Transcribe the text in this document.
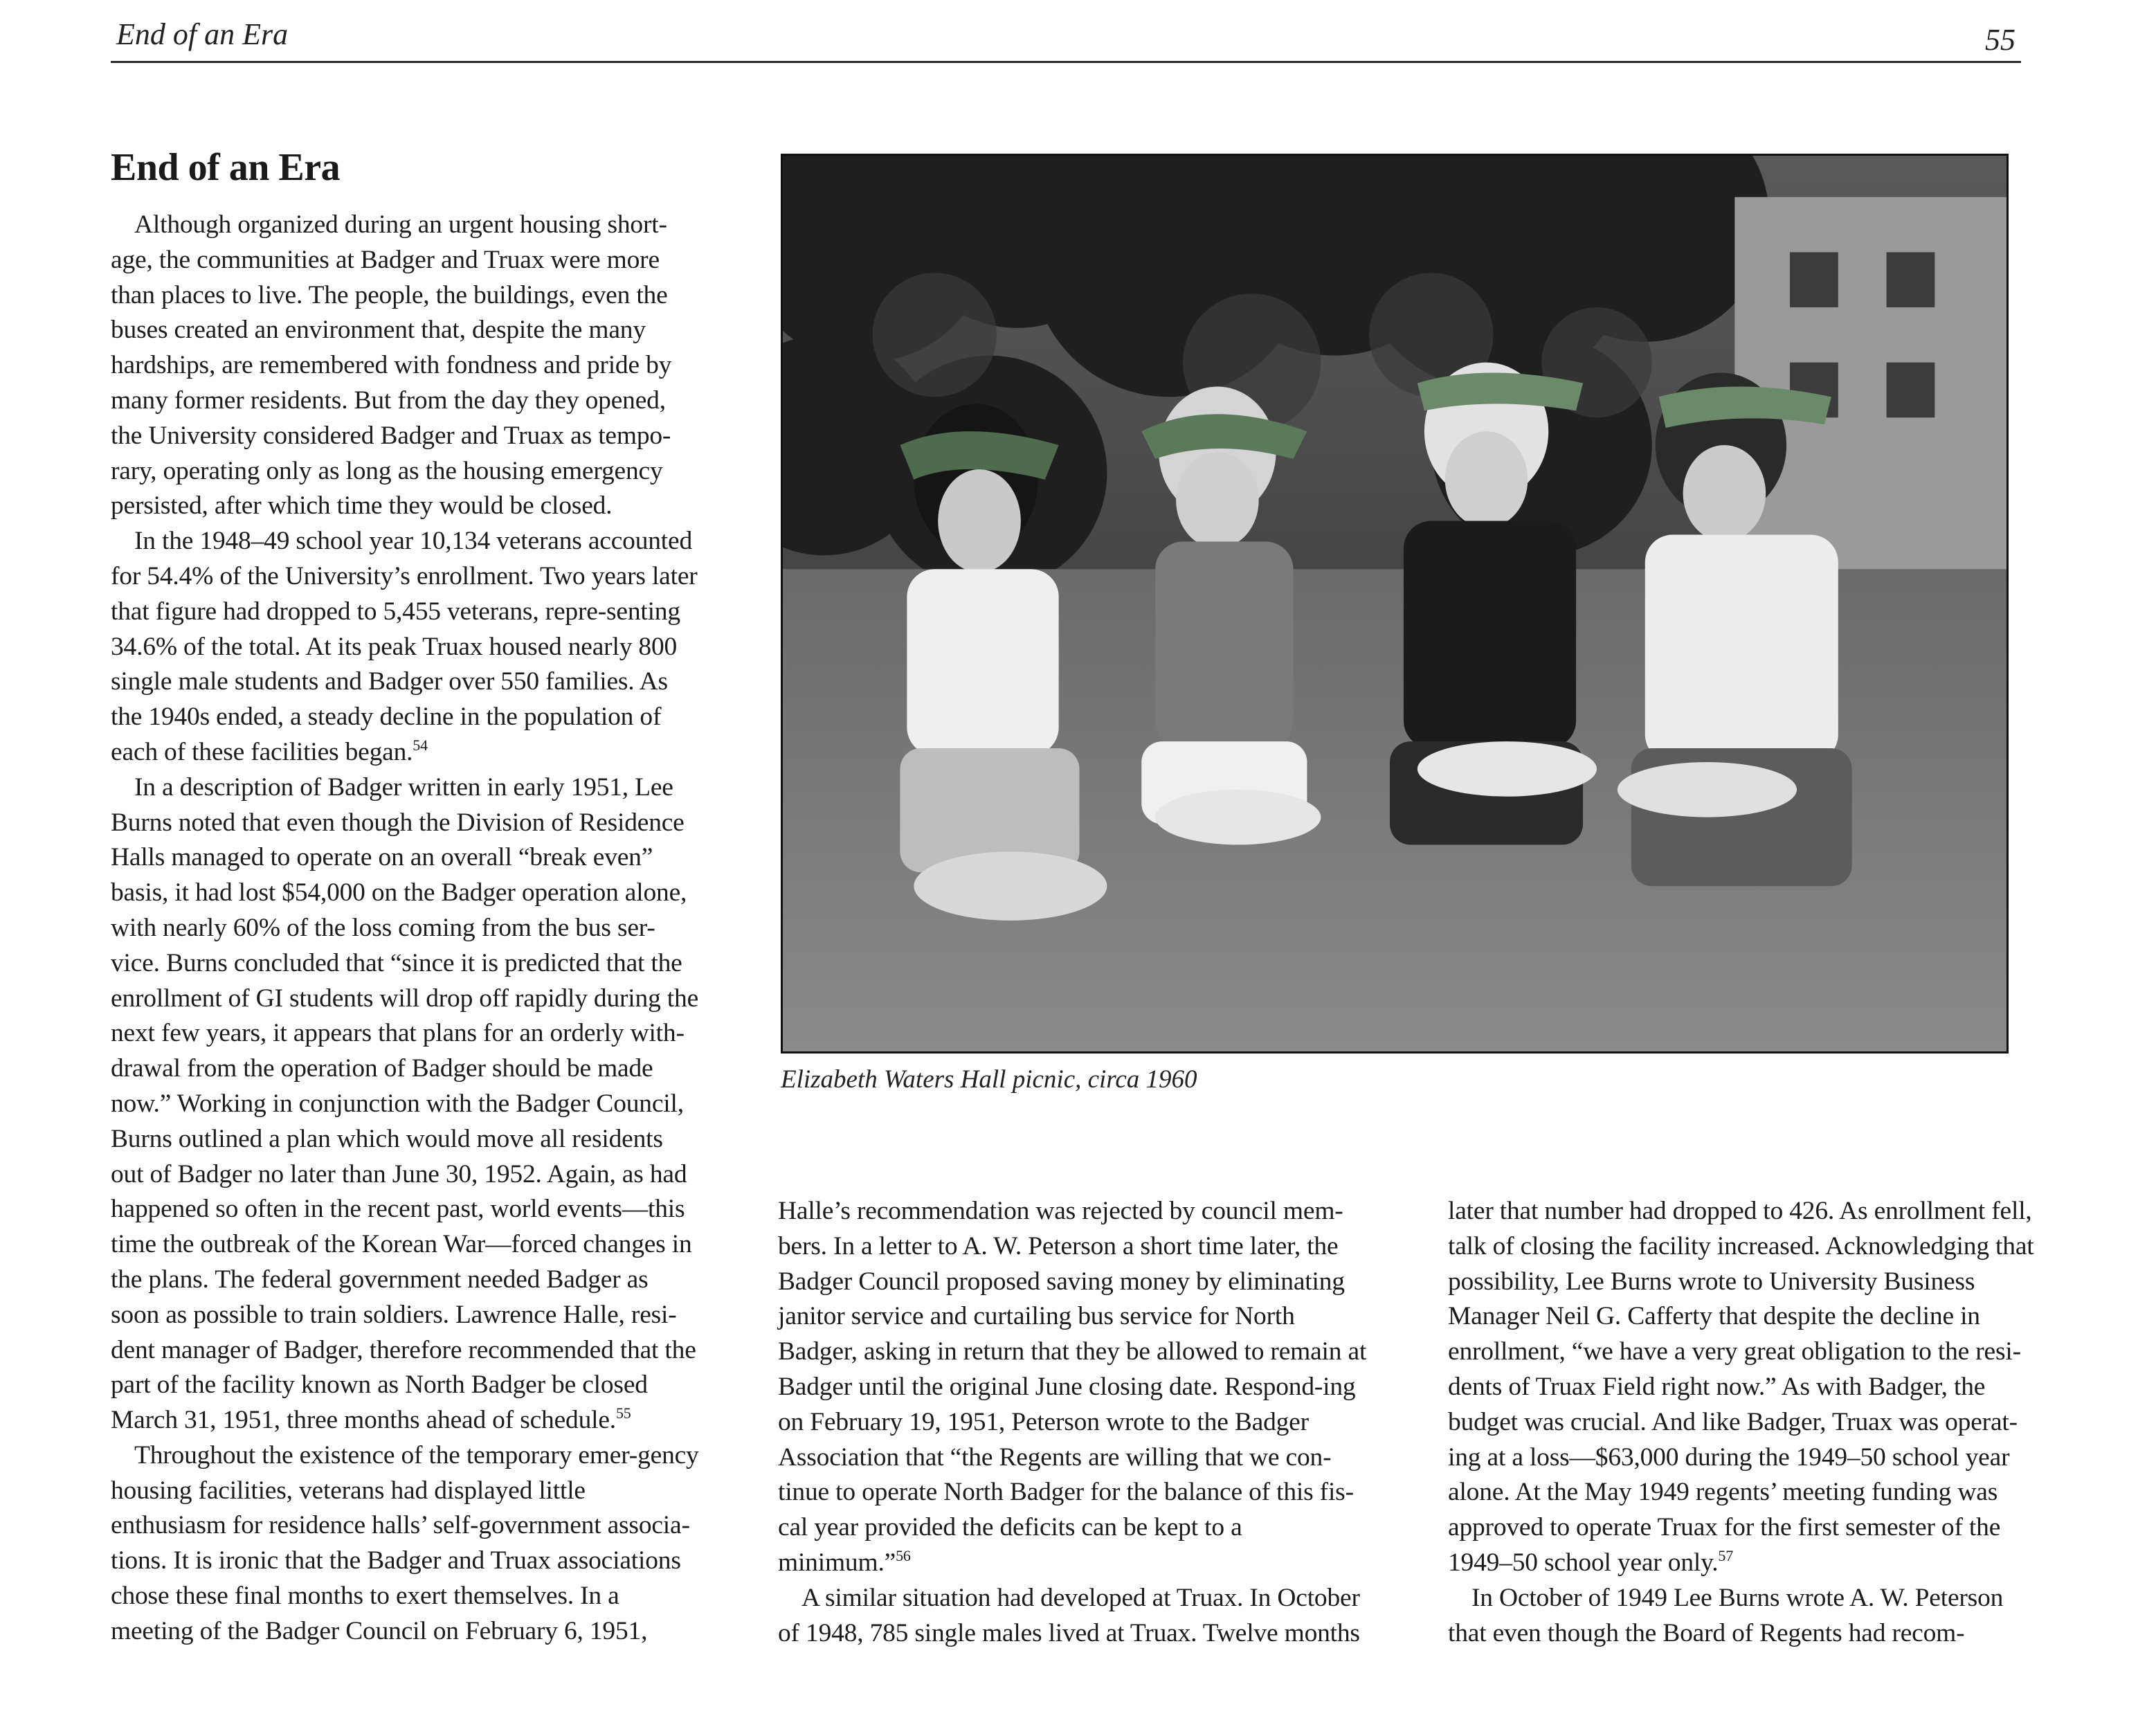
End of an Era	55
End of an Era

Although organized during an urgent housing short-age, the communities at Badger and Truax were more than places to live. The people, the buildings, even the buses created an environment that, despite the many hardships, are remembered with fondness and pride by many former residents. But from the day they opened, the University considered Badger and Truax as tempo-rary, operating only as long as the housing emergency persisted, after which time they would be closed.

In the 1948–49 school year 10,134 veterans accounted for 54.4% of the University’s enrollment. Two years later that figure had dropped to 5,455 veterans, repre-senting 34.6% of the total. At its peak Truax housed nearly 800 single male students and Badger over 550 families. As the 1940s ended, a steady decline in the population of each of these facilities began.$^{54}$

In a description of Badger written in early 1951, Lee Burns noted that even though the Division of Residence Halls managed to operate on an overall “break even” basis, it had lost $54,000 on the Badger operation alone, with nearly 60% of the loss coming from the bus ser-vice. Burns concluded that “since it is predicted that the enrollment of GI students will drop off rapidly during the next few years, it appears that plans for an orderly with-drawal from the operation of Badger should be made now.” Working in conjunction with the Badger Council, Burns outlined a plan which would move all residents out of Badger no later than June 30, 1952. Again, as had happened so often in the recent past, world events—this time the outbreak of the Korean War—forced changes in the plans. The federal government needed Badger as soon as possible to train soldiers. Lawrence Halle, resi-dent manager of Badger, therefore recommended that the part of the facility known as North Badger be closed March 31, 1951, three months ahead of schedule.$^{55}$

Throughout the existence of the temporary emer-gency housing facilities, veterans had displayed little enthusiasm for residence halls’ self-government associa-tions. It is ironic that the Badger and Truax associations chose these final months to exert themselves. In a meeting of the Badger Council on February 6, 1951,

Elizabeth Waters Hall picnic, circa 1960

Halle’s recommendation was rejected by council mem-bers. In a letter to A. W. Peterson a short time later, the Badger Council proposed saving money by eliminating janitor service and curtailing bus service for North Badger, asking in return that they be allowed to remain at Badger until the original June closing date. Respond-ing on February 19, 1951, Peterson wrote to the Badger Association that “the Regents are willing that we con-tinue to operate North Badger for the balance of this fis-cal year provided the deficits can be kept to a minimum.”$^{56}$

A similar situation had developed at Truax. In October of 1948, 785 single males lived at Truax. Twelve months

later that number had dropped to 426. As enrollment fell, talk of closing the facility increased. Acknowledging that possibility, Lee Burns wrote to University Business Manager Neil G. Cafferty that despite the decline in enrollment, “we have a very great obligation to the resi-dents of Truax Field right now.” As with Badger, the budget was crucial. And like Badger, Truax was operat-ing at a loss—$63,000 during the 1949–50 school year alone. At the May 1949 regents’ meeting funding was approved to operate Truax for the first semester of the 1949–50 school year only.$^{57}$

In October of 1949 Lee Burns wrote A. W. Peterson that even though the Board of Regents had recom-
